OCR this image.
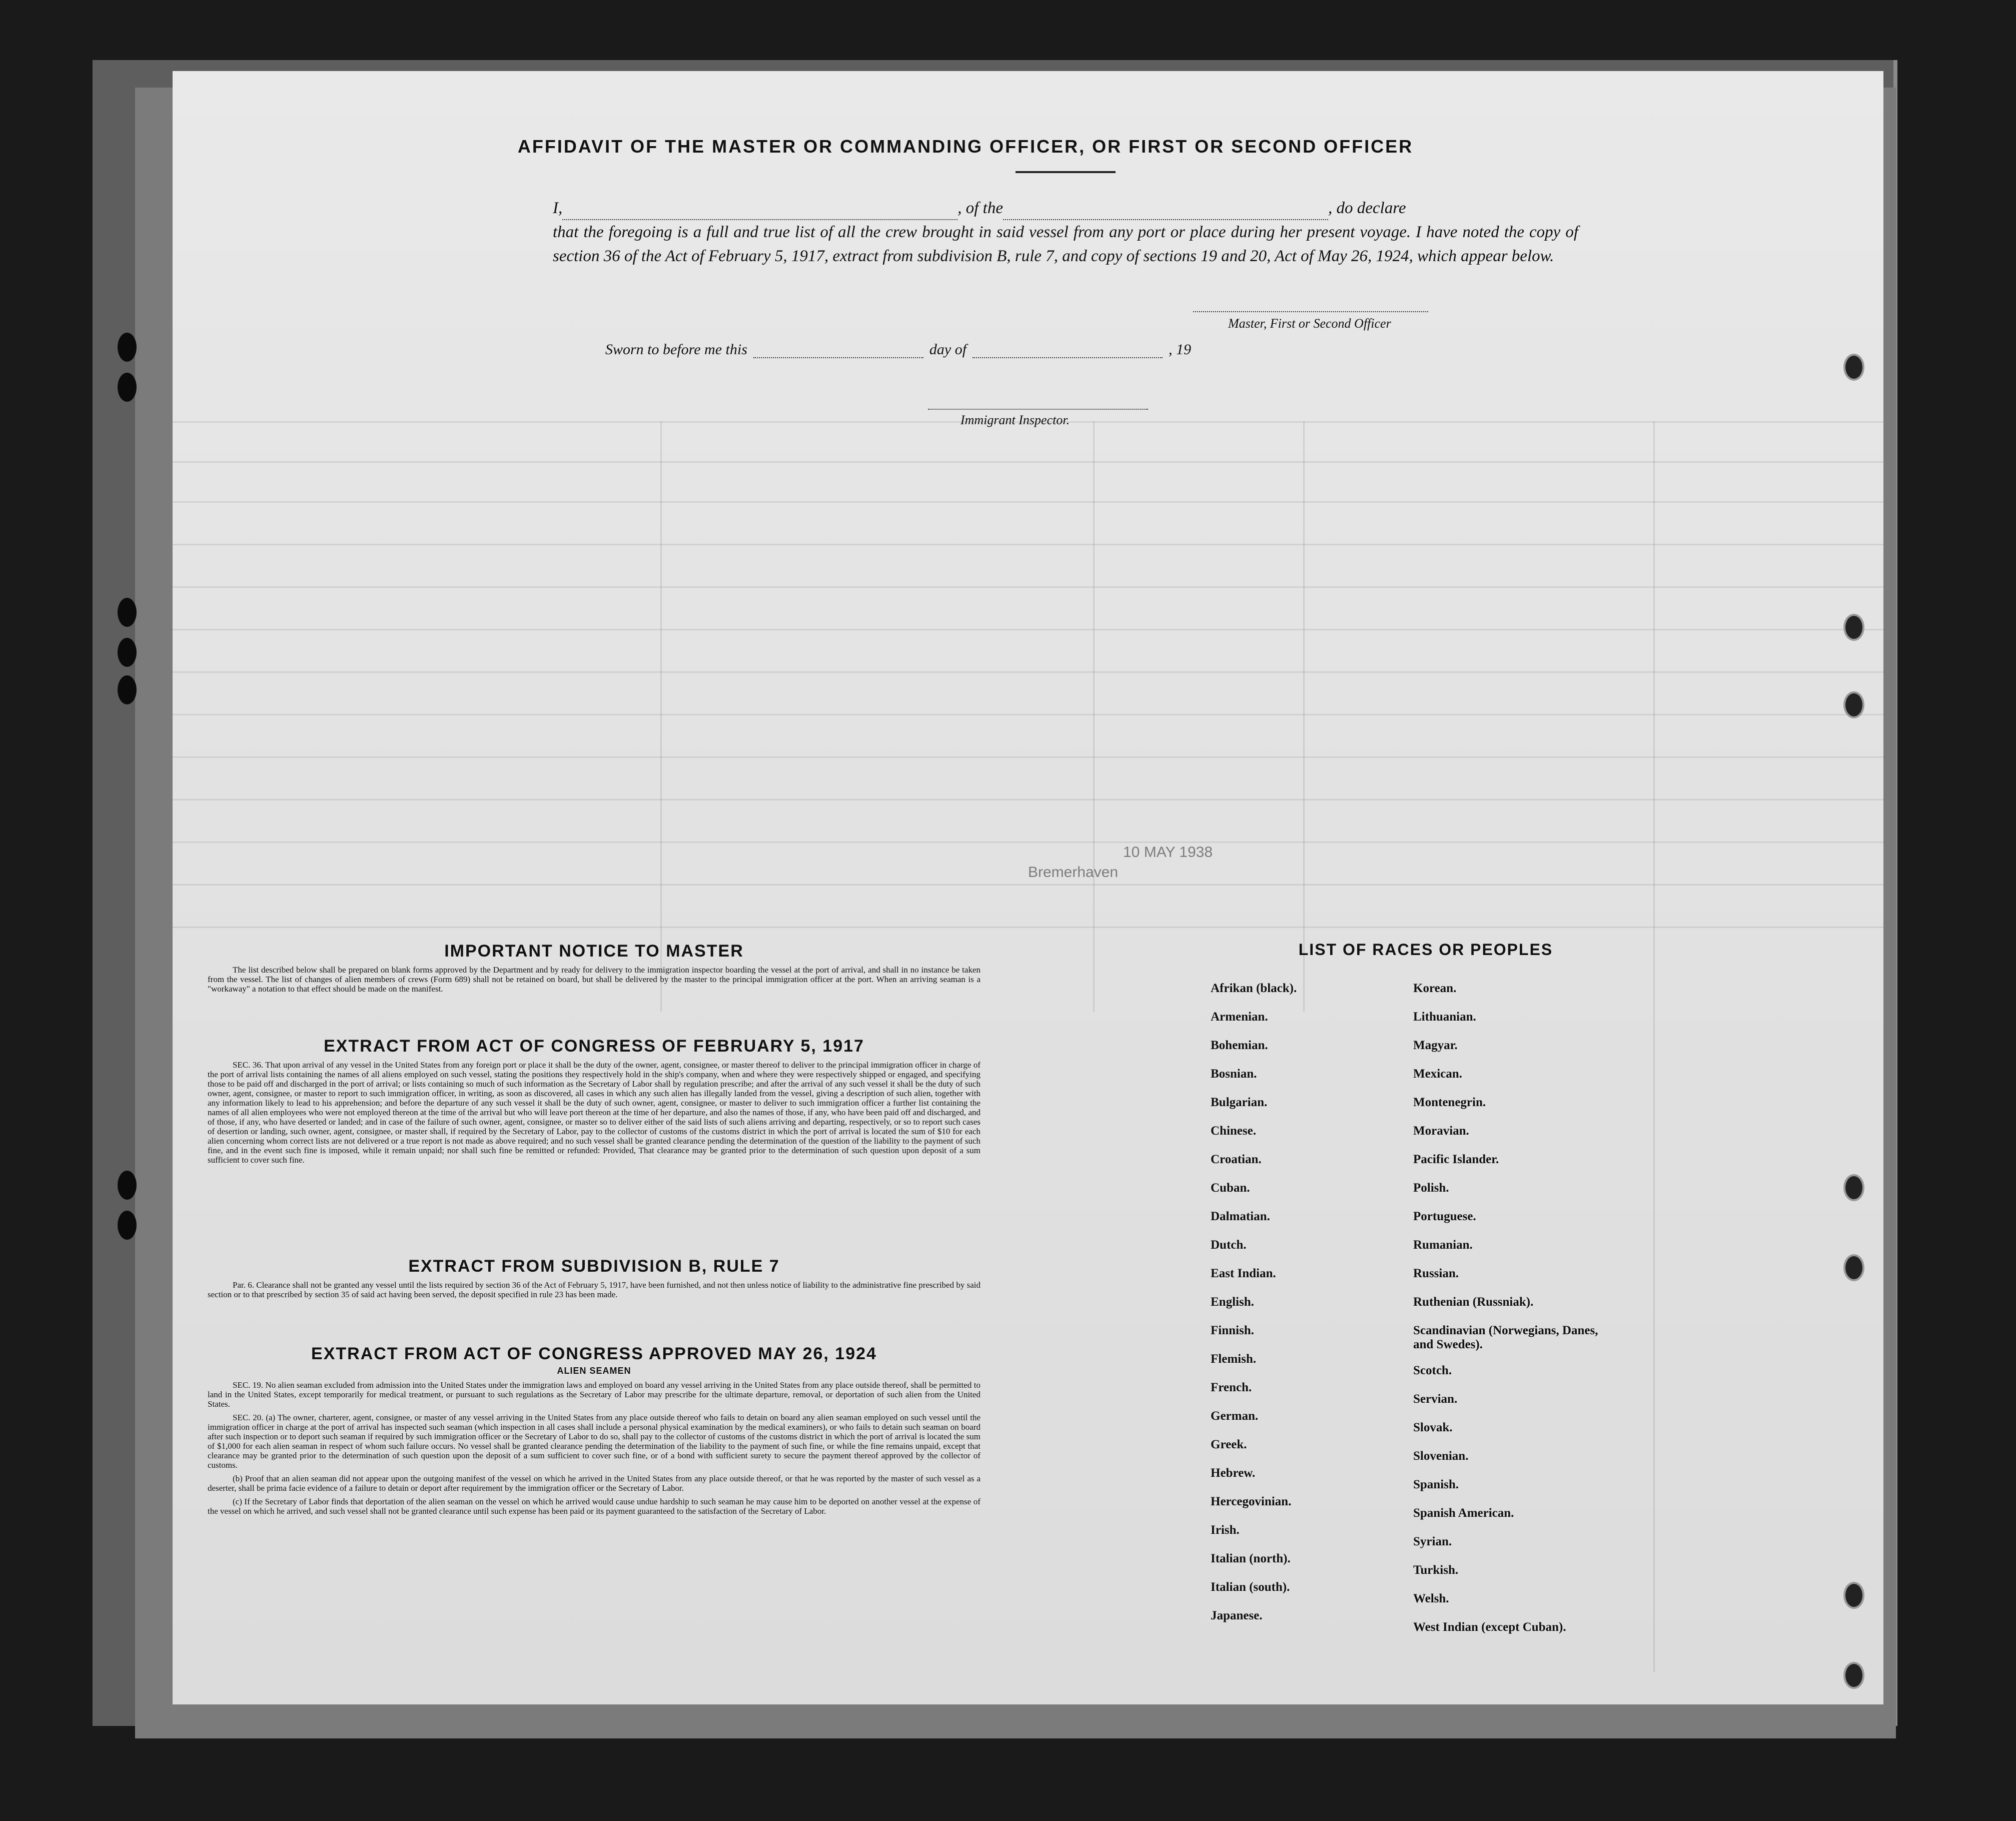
AFFIDAVIT OF THE MASTER OR COMMANDING OFFICER, OR FIRST OR SECOND OFFICER
I,	, of the	, do declare
that the foregoing is a full and true list of all the crew brought in said vessel from any port or place during her present voyage. I have noted the copy of section 36 of the Act of February 5, 1917, extract from subdivision B, rule 7, and copy of sections 19 and 20, Act of May 26, 1924, which appear below.
Master, First or Second Officer
Sworn to before me this	day of	, 19
Immigrant Inspector.
10 MAY 1938
Bremerhaven
IMPORTANT NOTICE TO MASTER

The list described below shall be prepared on blank forms approved by the Department and by ready for delivery to the immigration inspector boarding the vessel at the port of arrival, and shall in no instance be taken from the vessel. The list of changes of alien members of crews (Form 689) shall not be retained on board, but shall be delivered by the master to the principal immigration officer at the port. When an arriving seaman is a "workaway" a notation to that effect should be made on the manifest.

EXTRACT FROM ACT OF CONGRESS OF FEBRUARY 5, 1917

SEC. 36. That upon arrival of any vessel in the United States from any foreign port or place it shall be the duty of the owner, agent, consignee, or master thereof to deliver to the principal immigration officer in charge of the port of arrival lists containing the names of all aliens employed on such vessel, stating the positions they respectively hold in the ship's company, when and where they were respectively shipped or engaged, and specifying those to be paid off and discharged in the port of arrival; or lists containing so much of such information as the Secretary of Labor shall by regulation prescribe; and after the arrival of any such vessel it shall be the duty of such owner, agent, consignee, or master to report to such immigration officer, in writing, as soon as discovered, all cases in which any such alien has illegally landed from the vessel, giving a description of such alien, together with any information likely to lead to his apprehension; and before the departure of any such vessel it shall be the duty of such owner, agent, consignee, or master to deliver to such immigration officer a further list containing the names of all alien employees who were not employed thereon at the time of the arrival but who will leave port thereon at the time of her departure, and also the names of those, if any, who have been paid off and discharged, and of those, if any, who have deserted or landed; and in case of the failure of such owner, agent, consignee, or master so to deliver either of the said lists of such aliens arriving and departing, respectively, or so to report such cases of desertion or landing, such owner, agent, consignee, or master shall, if required by the Secretary of Labor, pay to the collector of customs of the customs district in which the port of arrival is located the sum of $10 for each alien concerning whom correct lists are not delivered or a true report is not made as above required; and no such vessel shall be granted clearance pending the determination of the question of the liability to the payment of such fine, and in the event such fine is imposed, while it remain unpaid; nor shall such fine be remitted or refunded: Provided, That clearance may be granted prior to the determination of such question upon deposit of a sum sufficient to cover such fine.

EXTRACT FROM SUBDIVISION B, RULE 7

Par. 6. Clearance shall not be granted any vessel until the lists required by section 36 of the Act of February 5, 1917, have been furnished, and not then unless notice of liability to the administrative fine prescribed by said section or to that prescribed by section 35 of said act having been served, the deposit specified in rule 23 has been made.

EXTRACT FROM ACT OF CONGRESS APPROVED MAY 26, 1924
ALIEN SEAMEN

SEC. 19. No alien seaman excluded from admission into the United States under the immigration laws and employed on board any vessel arriving in the United States from any place outside thereof, shall be permitted to land in the United States, except temporarily for medical treatment, or pursuant to such regulations as the Secretary of Labor may prescribe for the ultimate departure, removal, or deportation of such alien from the United States.

SEC. 20. (a) The owner, charterer, agent, consignee, or master of any vessel arriving in the United States from any place outside thereof who fails to detain on board any alien seaman employed on such vessel until the immigration officer in charge at the port of arrival has inspected such seaman (which inspection in all cases shall include a personal physical examination by the medical examiners), or who fails to detain such seaman on board after such inspection or to deport such seaman if required by such immigration officer or the Secretary of Labor to do so, shall pay to the collector of customs of the customs district in which the port of arrival is located the sum of $1,000 for each alien seaman in respect of whom such failure occurs. No vessel shall be granted clearance pending the determination of the liability to the payment of such fine, or while the fine remains unpaid, except that clearance may be granted prior to the determination of such question upon the deposit of a sum sufficient to cover such fine, or of a bond with sufficient surety to secure the payment thereof approved by the collector of customs.

(b) Proof that an alien seaman did not appear upon the outgoing manifest of the vessel on which he arrived in the United States from any place outside thereof, or that he was reported by the master of such vessel as a deserter, shall be prima facie evidence of a failure to detain or deport after requirement by the immigration officer or the Secretary of Labor.

(c) If the Secretary of Labor finds that deportation of the alien seaman on the vessel on which he arrived would cause undue hardship to such seaman he may cause him to be deported on another vessel at the expense of the vessel on which he arrived, and such vessel shall not be granted clearance until such expense has been paid or its payment guaranteed to the satisfaction of the Secretary of Labor.

LIST OF RACES OR PEOPLES
Afrikan (black).
Armenian.
Bohemian.
Bosnian.
Bulgarian.
Chinese.
Croatian.
Cuban.
Dalmatian.
Dutch.
East Indian.
English.
Finnish.
Flemish.
French.
German.
Greek.
Hebrew.
Hercegovinian.
Irish.
Italian (north).
Italian (south).
Japanese.
Korean.
Lithuanian.
Magyar.
Mexican.
Montenegrin.
Moravian.
Pacific Islander.
Polish.
Portuguese.
Rumanian.
Russian.
Ruthenian (Russniak).
Scandinavian (Norwegians, Danes, and Swedes).
Scotch.
Servian.
Slovak.
Slovenian.
Spanish.
Spanish American.
Syrian.
Turkish.
Welsh.
West Indian (except Cuban).
